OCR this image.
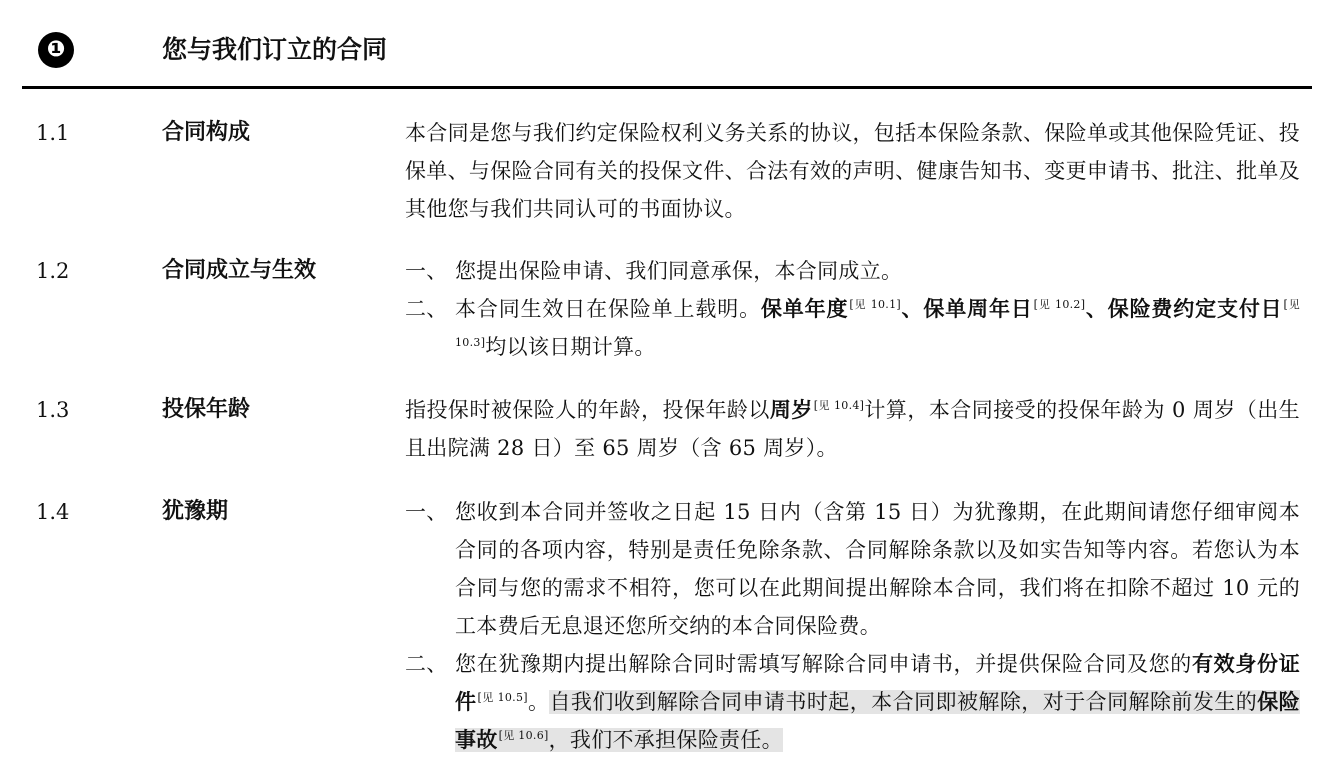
❶	您与我们订立的合同
1.1	合同构成	本合同是您与我们约定保险权利义务关系的协议，包括本保险条款、保险单或其他保险凭证、投保单、与保险合同有关的投保文件、合法有效的声明、健康告知书、变更申请书、批注、批单及其他您与我们共同认可的书面协议。
1.2	合同成立与生效	一、 您提出保险申请、我们同意承保，本合同成立。
二、 本合同生效日在保险单上载明。保单年度[见 10.1]、保单周年日[见 10.2]、保险费约定支付日[见 10.3]均以该日期计算。
1.3	投保年龄	指投保时被保险人的年龄，投保年龄以周岁[见 10.4]计算，本合同接受的投保年龄为 0 周岁（出生且出院满 28 日）至 65 周岁（含 65 周岁）。
1.4	犹豫期	一、 您收到本合同并签收之日起 15 日内（含第 15 日）为犹豫期，在此期间请您仔细审阅本合同的各项内容，特别是责任免除条款、合同解除条款以及如实告知等内容。若您认为本合同与您的需求不相符，您可以在此期间提出解除本合同，我们将在扣除不超过 10 元的工本费后无息退还您所交纳的本合同保险费。
二、 您在犹豫期内提出解除合同时需填写解除合同申请书，并提供保险合同及您的有效身份证件[见 10.5]。自我们收到解除合同申请书时起，本合同即被解除，对于合同解除前发生的保险事故[见 10.6]，我们不承担保险责任。
